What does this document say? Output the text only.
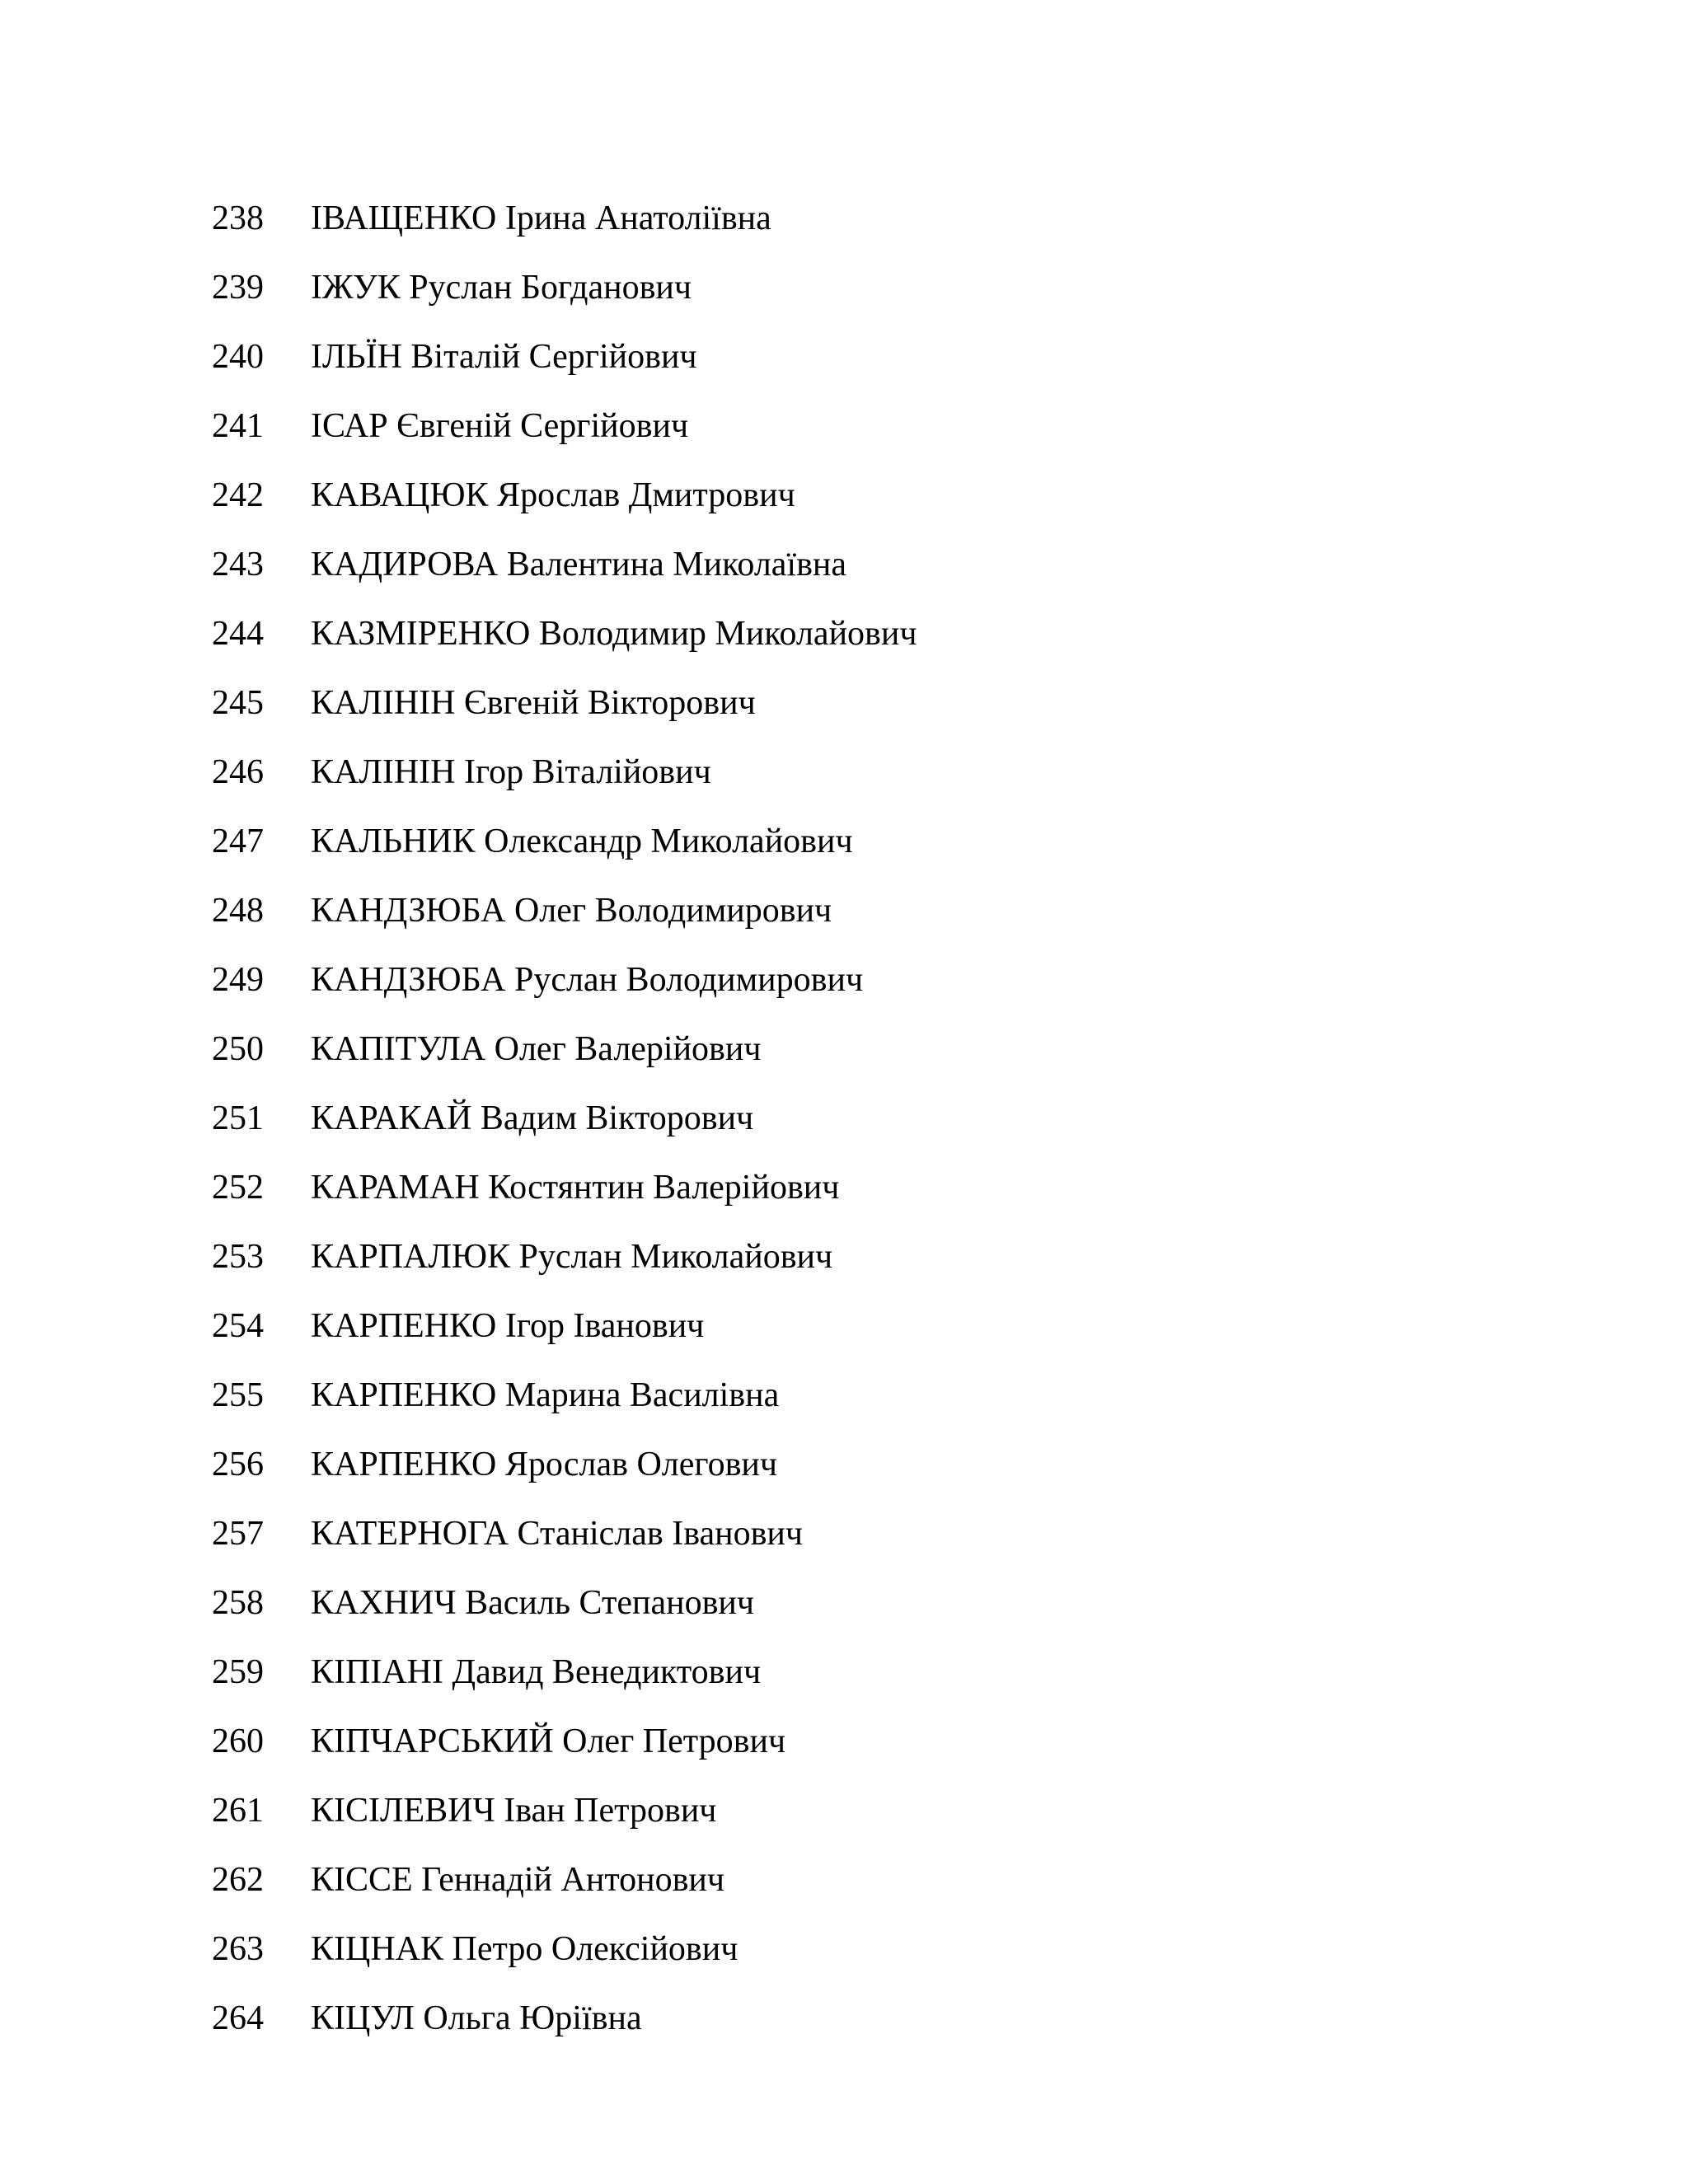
238 ІВАЩЕНКО Ірина Анатоліївна
239 ІЖУК Руслан Богданович
240 ІЛЬЇН Віталій Сергійович
241 ІСАР Євгеній Сергійович
242 КАВАЦЮК Ярослав Дмитрович
243 КАДИРОВА Валентина Миколаївна
244 КАЗМІРЕНКО Володимир Миколайович
245 КАЛІНІН Євгеній Вікторович
246 КАЛІНІН Ігор Віталійович
247 КАЛЬНИК Олександр Миколайович
248 КАНДЗЮБА Олег Володимирович
249 КАНДЗЮБА Руслан Володимирович
250 КАПІТУЛА Олег Валерійович
251 КАРАКАЙ Вадим Вікторович
252 КАРАМАН Костянтин Валерійович
253 КАРПАЛЮК Руслан Миколайович
254 КАРПЕНКО Ігор Іванович
255 КАРПЕНКО Марина Василівна
256 КАРПЕНКО Ярослав Олегович
257 КАТЕРНОГА Станіслав Іванович
258 КАХНИЧ Василь Степанович
259 КІПІАНІ Давид Венедиктович
260 КІПЧАРСЬКИЙ Олег Петрович
261 КІСІЛЕВИЧ Іван Петрович
262 КІССЕ Геннадій Антонович
263 КІЦНАК Петро Олексійович
264 КІЦУЛ Ольга Юріївна
